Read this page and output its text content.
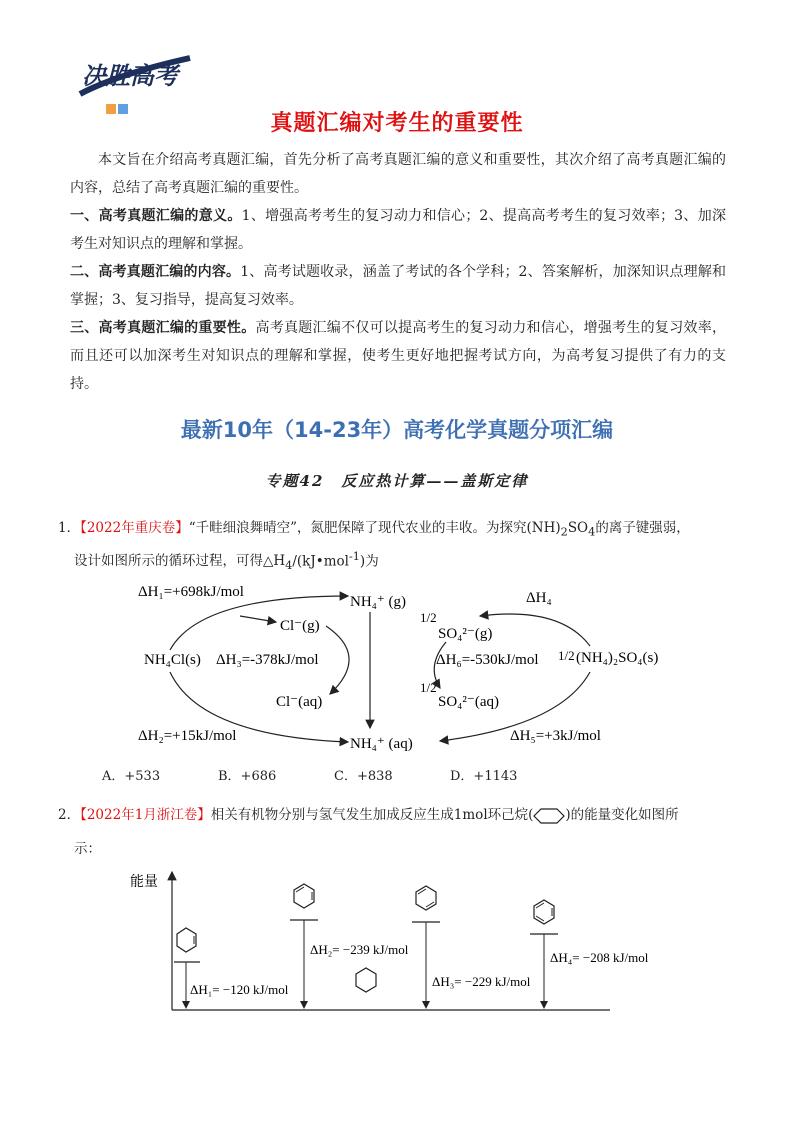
决胜高考
真题汇编对考生的重要性
本文旨在介绍高考真题汇编，首先分析了高考真题汇编的意义和重要性，其次介绍了高考真题汇编的内容，总结了高考真题汇编的重要性。
一、高考真题汇编的意义。1、增强高考考生的复习动力和信心；2、提高高考考生的复习效率；3、加深考生对知识点的理解和掌握。
二、高考真题汇编的内容。1、高考试题收录，涵盖了考试的各个学科；2、答案解析，加深知识点理解和掌握；3、复习指导，提高复习效率。
三、高考真题汇编的重要性。高考真题汇编不仅可以提高考生的复习动力和信心，增强考生的复习效率，而且还可以加深考生对知识点的理解和掌握，使考生更好地把握考试方向，为高考复习提供了有力的支持。
最新10年（14-23年）高考化学真题分项汇编
专题42　反应热计算——盖斯定律
1．【2022年重庆卷】“千畦细浪舞晴空”，氮肥保障了现代农业的丰收。为探究$(NH)_2SO_4$的离子键强弱，
设计如图所示的循环过程，可得$\triangle H_4/(kJ•mol^{-1})$为
ΔH₁=+698kJ/mol
NH₄⁺ (g)	ΔH₄
Cl⁻(g)
1/2
SO₄²⁻(g)
NH₄Cl(s) ΔH₃=-378kJ/mol	ΔH₆=-530kJ/mol 1/2 (NH₄)₂SO₄(s)
Cl⁻(aq)
1/2
SO₄²⁻(aq)
ΔH₂=+15kJ/mol	NH₄⁺ (aq)	ΔH₅=+3kJ/mol
A．+533	B．+686	C．+838	D．+1143
2．【2022年1月浙江卷】相关有机物分别与氢气发生加成反应生成1mol环己烷( )的能量变化如图所
示：
能量
ΔH₁= −120 kJ/mol
ΔH₂= −239 kJ/mol
ΔH₃= −229 kJ/mol
ΔH₄= −208 kJ/mol
